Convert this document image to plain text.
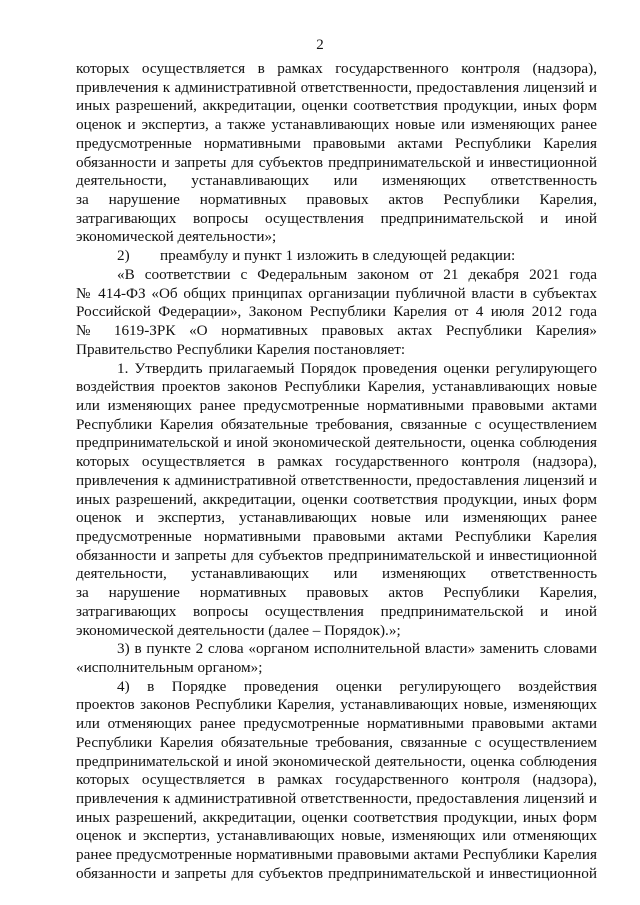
2
которых осуществляется в рамках государственного контроля (надзора),
привлечения к административной ответственности, предоставления лицензий и
иных разрешений, аккредитации, оценки соответствия продукции, иных форм
оценок и экспертиз, а также устанавливающих новые или изменяющих ранее
предусмотренные нормативными правовыми актами Республики Карелия
обязанности и запреты для субъектов предпринимательской и инвестиционной
деятельности, устанавливающих или изменяющих ответственность
за нарушение нормативных правовых актов Республики Карелия,
затрагивающих вопросы осуществления предпринимательской и иной
экономической деятельности»;
2)        преамбулу и пункт 1 изложить в следующей редакции:
«В соответствии с Федеральным законом от 21 декабря 2021 года
№ 414-ФЗ «Об общих принципах организации публичной власти в субъектах
Российской Федерации», Законом Республики Карелия от 4 июля 2012 года
№ 1619-ЗРК «О нормативных правовых актах Республики Карелия»
Правительство Республики Карелия постановляет:
1. Утвердить прилагаемый Порядок проведения оценки регулирующего
воздействия проектов законов Республики Карелия, устанавливающих новые
или изменяющих ранее предусмотренные нормативными правовыми актами
Республики Карелия обязательные требования, связанные с осуществлением
предпринимательской и иной экономической деятельности, оценка соблюдения
которых осуществляется в рамках государственного контроля (надзора),
привлечения к административной ответственности, предоставления лицензий и
иных разрешений, аккредитации, оценки соответствия продукции, иных форм
оценок и экспертиз, устанавливающих новые или изменяющих ранее
предусмотренные нормативными правовыми актами Республики Карелия
обязанности и запреты для субъектов предпринимательской и инвестиционной
деятельности, устанавливающих или изменяющих ответственность
за нарушение нормативных правовых актов Республики Карелия,
затрагивающих вопросы осуществления предпринимательской и иной
экономической деятельности (далее – Порядок).»;
3) в пункте 2 слова «органом исполнительной власти» заменить словами
«исполнительным органом»;
4) в Порядке проведения оценки регулирующего воздействия
проектов законов Республики Карелия, устанавливающих новые, изменяющих
или отменяющих ранее предусмотренные нормативными правовыми актами
Республики Карелия обязательные требования, связанные с осуществлением
предпринимательской и иной экономической деятельности, оценка соблюдения
которых осуществляется в рамках государственного контроля (надзора),
привлечения к административной ответственности, предоставления лицензий и
иных разрешений, аккредитации, оценки соответствия продукции, иных форм
оценок и экспертиз, устанавливающих новые, изменяющих или отменяющих
ранее предусмотренные нормативными правовыми актами Республики Карелия
обязанности и запреты для субъектов предпринимательской и инвестиционной
